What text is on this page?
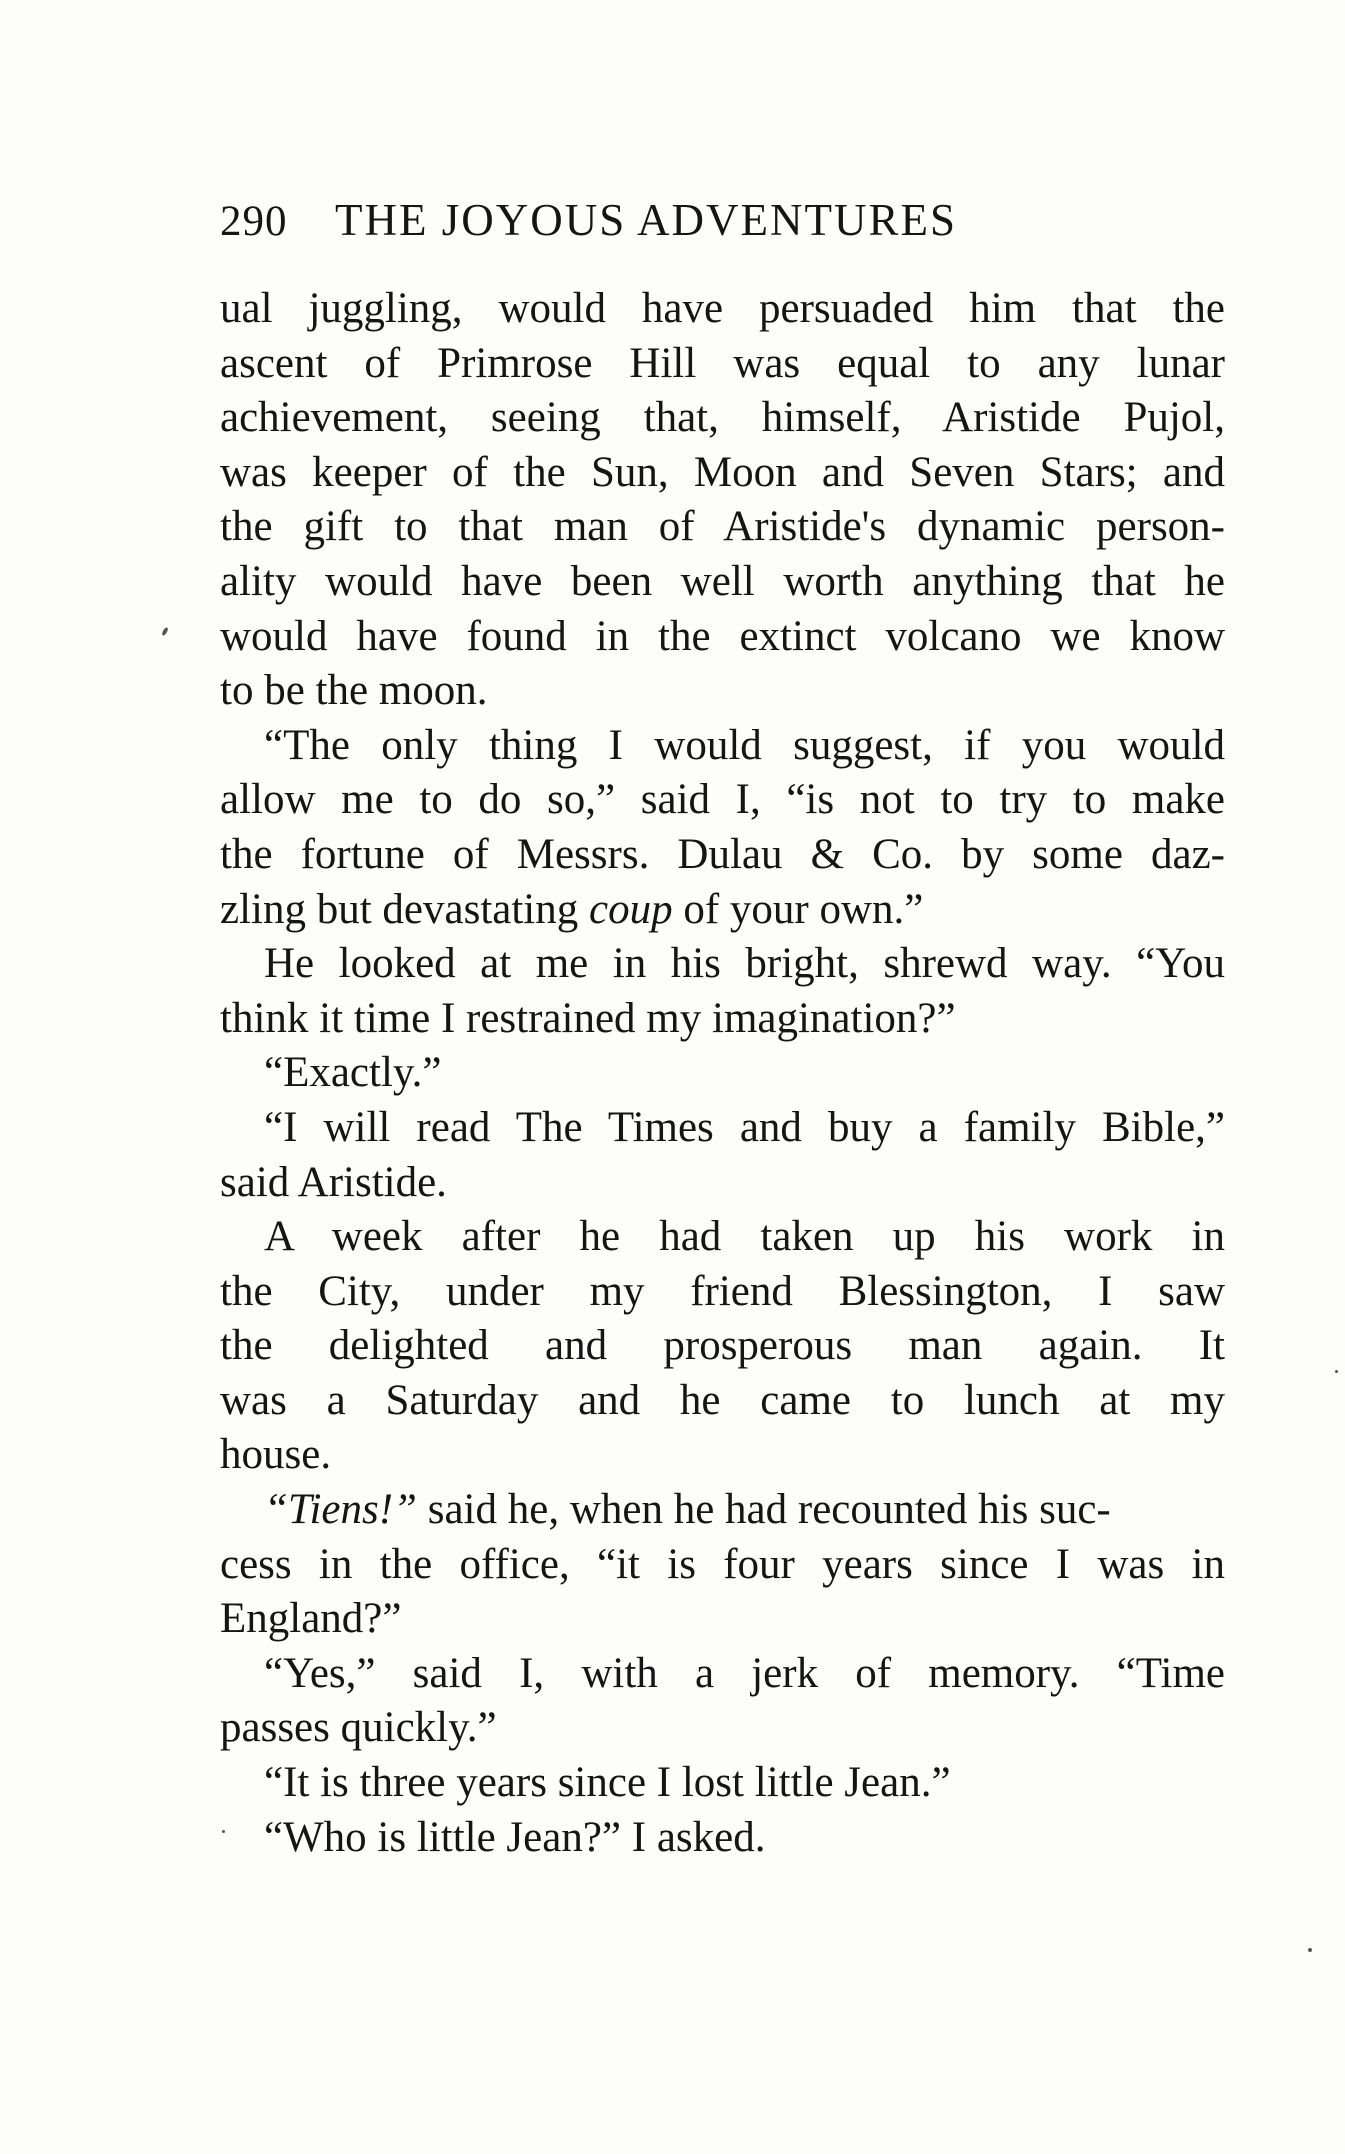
290	THE JOYOUS ADVENTURES
ual juggling, would have persuaded him that the
ascent of Primrose Hill was equal to any lunar
achievement, seeing that, himself, Aristide Pujol,
was keeper of the Sun, Moon and Seven Stars; and
the gift to that man of Aristide's dynamic person-
ality would have been well worth anything that he
would have found in the extinct volcano we know
to be the moon.
“The only thing I would suggest, if you would
allow me to do so,” said I, “is not to try to make
the fortune of Messrs. Dulau & Co. by some daz-
zling but devastating coup of your own.”
He looked at me in his bright, shrewd way. “You
think it time I restrained my imagination?”
“Exactly.”
“I will read The Times and buy a family Bible,”
said Aristide.
A week after he had taken up his work in
the City, under my friend Blessington, I saw
the delighted and prosperous man again. It
was a Saturday and he came to lunch at my
house.
“Tiens!” said he, when he had recounted his suc-
cess in the office, “it is four years since I was in
England?”
“Yes,” said I, with a jerk of memory. “Time
passes quickly.”
“It is three years since I lost little Jean.”
“Who is little Jean?” I asked.
